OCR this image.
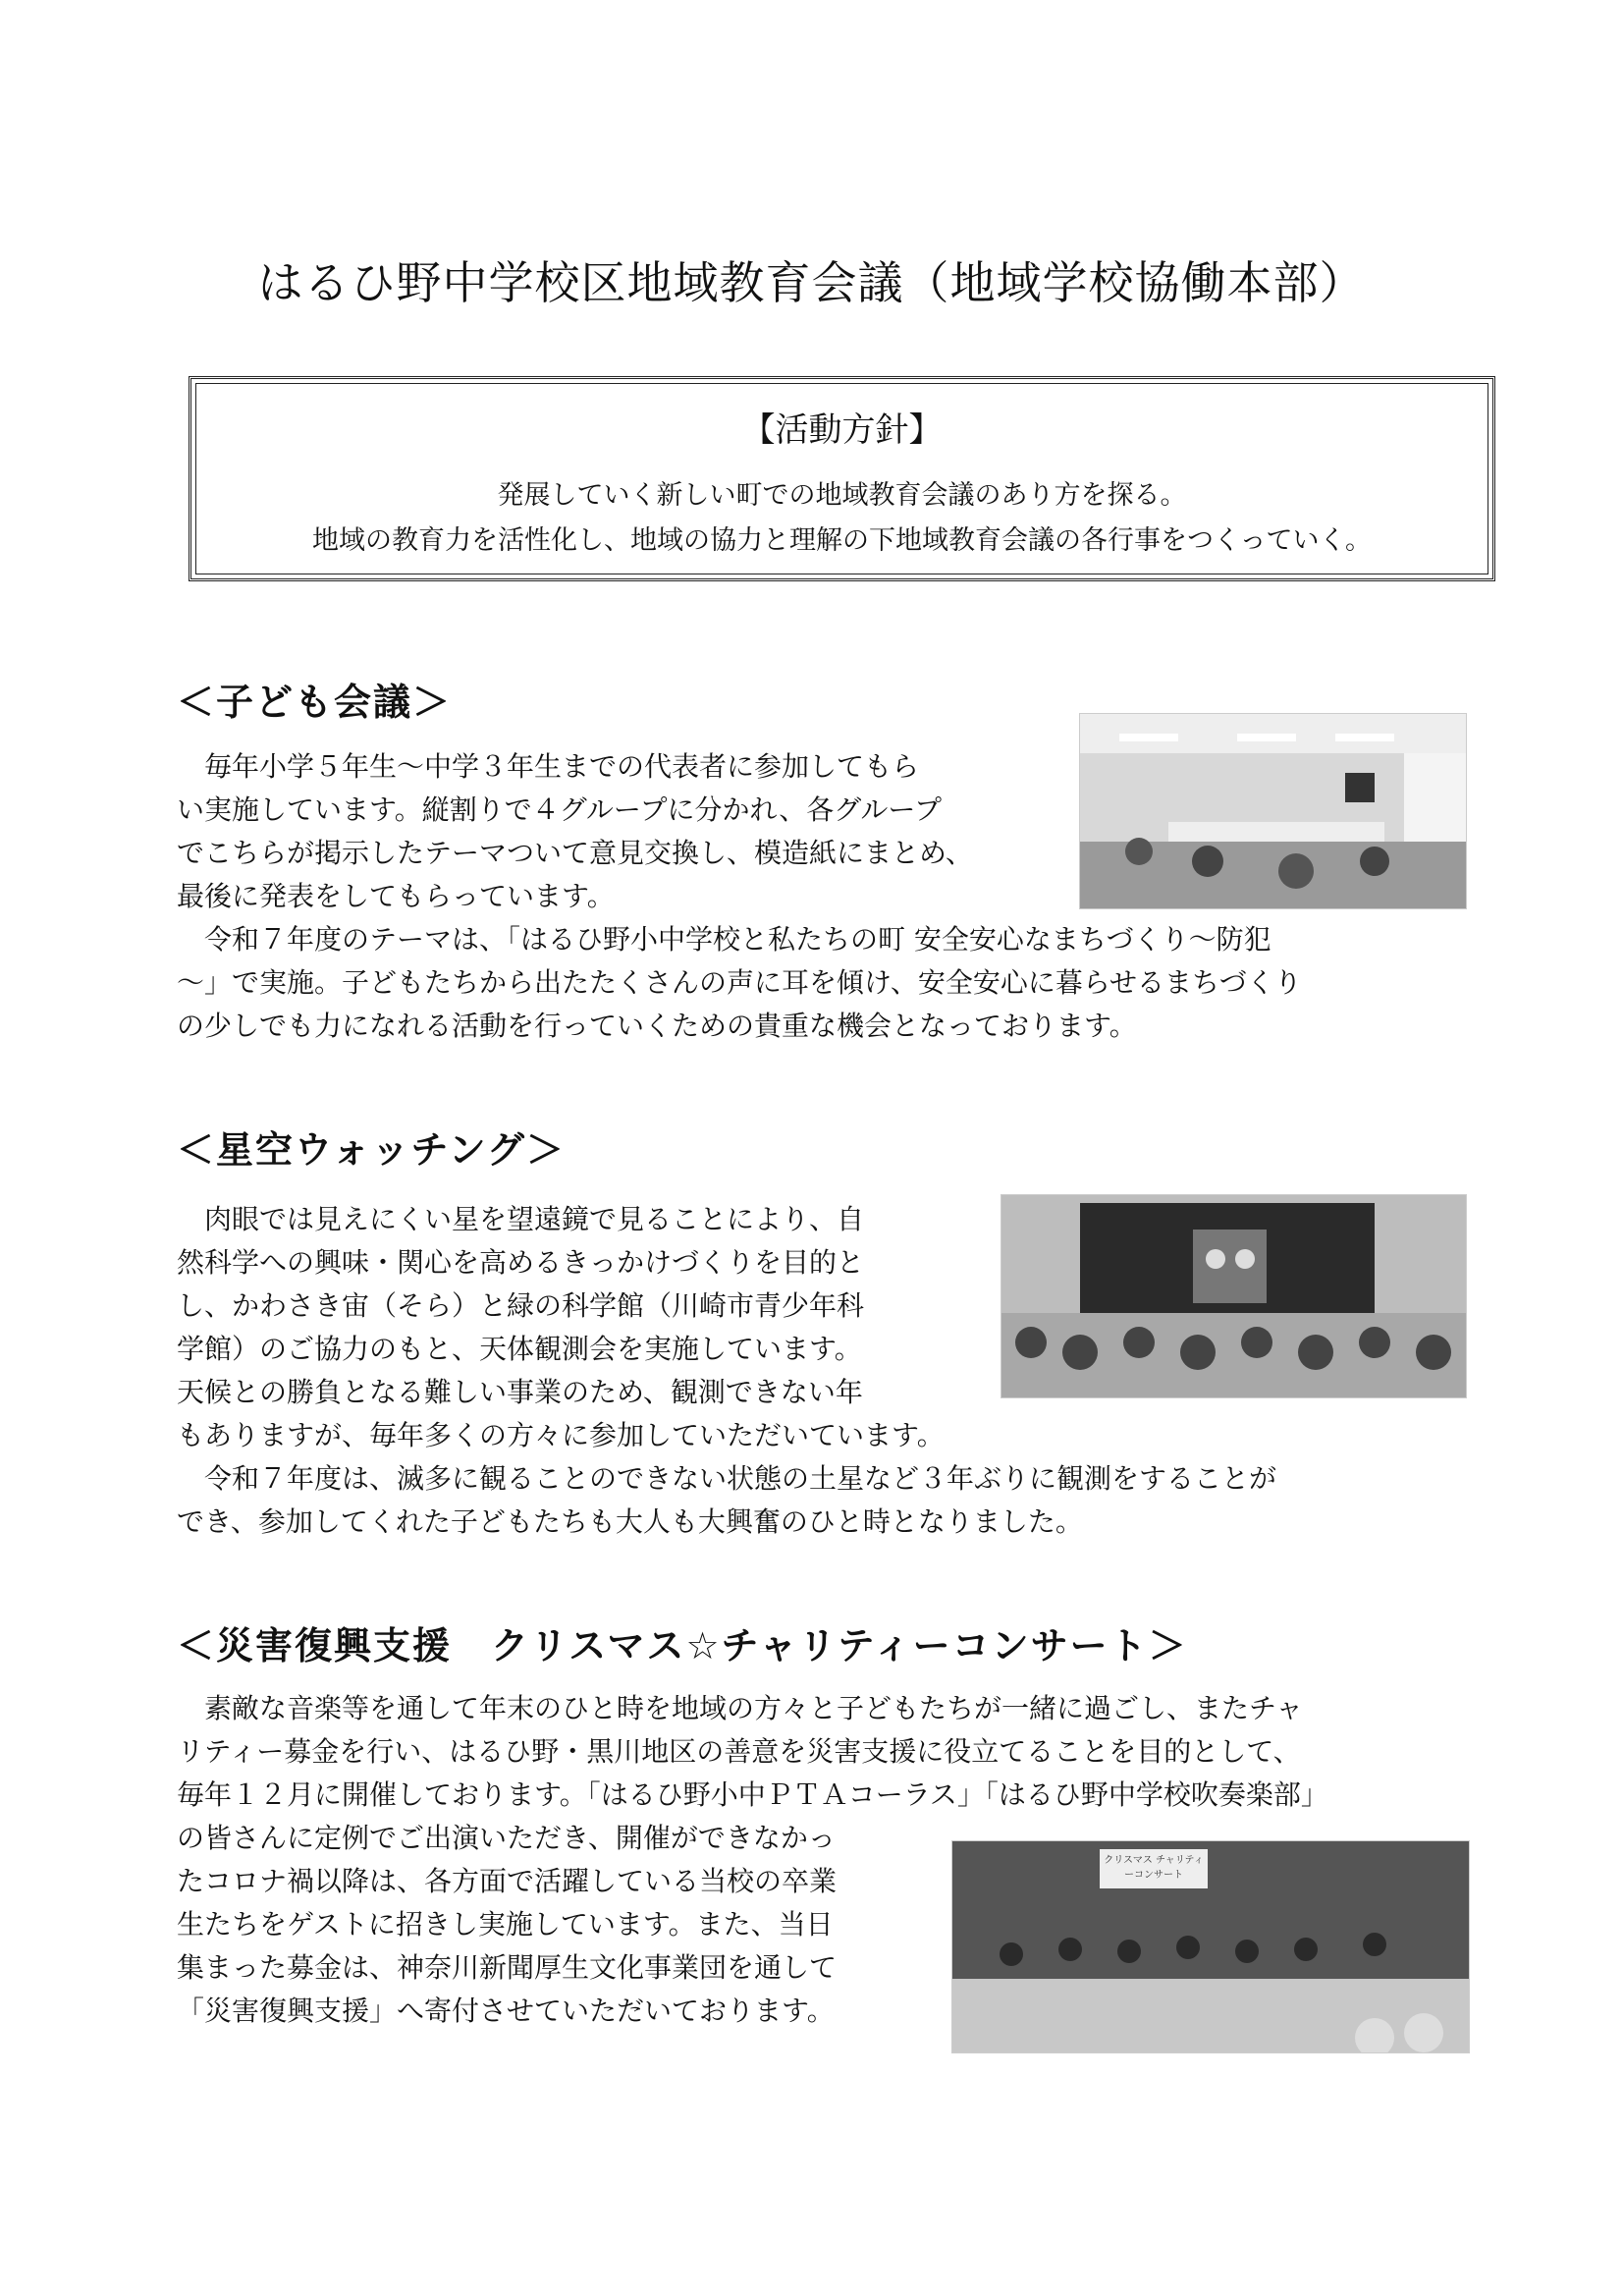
はるひ野中学校区地域教育会議（地域学校協働本部）
【活動方針】
発展していく新しい町での地域教育会議のあり方を探る。
地域の教育力を活性化し、地域の協力と理解の下地域教育会議の各行事をつくっていく。
＜子ども会議＞
　毎年小学５年生～中学３年生までの代表者に参加してもら
い実施しています。縦割りで４グループに分かれ、各グループ
でこちらが掲示したテーマついて意見交換し、模造紙にまとめ、
最後に発表をしてもらっています。
　令和７年度のテーマは、「はるひ野小中学校と私たちの町 安全安心なまちづくり～防犯
～」で実施。子どもたちから出たたくさんの声に耳を傾け、安全安心に暮らせるまちづくり
の少しでも力になれる活動を行っていくための貴重な機会となっております。
＜星空ウォッチング＞
　肉眼では見えにくい星を望遠鏡で見ることにより、自
然科学への興味・関心を高めるきっかけづくりを目的と
し、かわさき宙（そら）と緑の科学館（川崎市青少年科
学館）のご協力のもと、天体観測会を実施しています。
天候との勝負となる難しい事業のため、観測できない年
もありますが、毎年多くの方々に参加していただいています。
　令和７年度は、滅多に観ることのできない状態の土星など３年ぶりに観測をすることが
でき、参加してくれた子どもたちも大人も大興奮のひと時となりました。
＜災害復興支援　クリスマス☆チャリティーコンサート＞
　素敵な音楽等を通して年末のひと時を地域の方々と子どもたちが一緒に過ごし、またチャ
リティー募金を行い、はるひ野・黒川地区の善意を災害支援に役立てることを目的として、
毎年１２月に開催しております。「はるひ野小中ＰＴＡコーラス」「はるひ野中学校吹奏楽部」
の皆さんに定例でご出演いただき、開催ができなかっ
たコロナ禍以降は、各方面で活躍している当校の卒業
生たちをゲストに招きし実施しています。また、当日
集まった募金は、神奈川新聞厚生文化事業団を通して
「災害復興支援」へ寄付させていただいております。
クリスマス チャリティーコンサート
